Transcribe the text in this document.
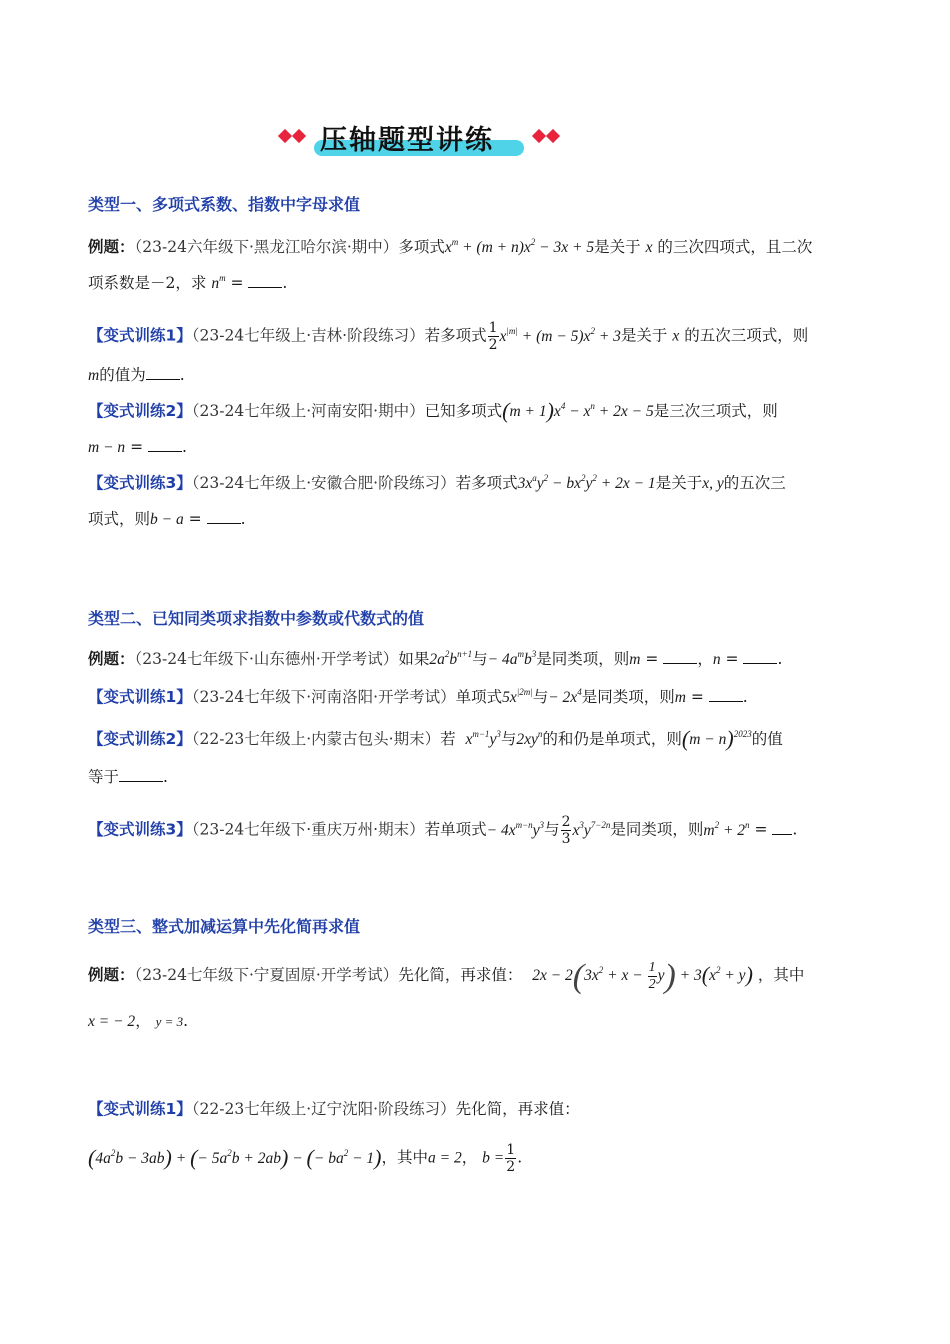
压轴题型讲练
类型一、多项式系数、指数中字母求值
例题：（23-24六年级下·黑龙江哈尔滨·期中）多项式$x^m + (m + n)x^2 - 3x + 5$是关于 x 的三次四项式，且二次
项系数是－2，求 $n^m$ = .
【变式训练1】（23-24七年级上·吉林·阶段练习）若多项式 $\frac{1}{2} x^{|m|} + (m - 5)x^2 + 3$是关于 x 的五次三项式，则
m的值为 .
【变式训练2】（23-24七年级上·河南安阳·期中）已知多项式$(m + 1)x^4 - x^n + 2x - 5$是三次三项式，则
m − n = .
【变式训练3】（23-24七年级上·安徽合肥·阶段练习）若多项式$3x^ay^2 - bx^2y^2 + 2x - 1$是关于x, y的五次三
项式，则b − a = .
类型二、已知同类项求指数中参数或代数式的值
例题：（23-24七年级下·山东德州·开学考试）如果$2a^2b^{n+1}$与− $4a^mb^3$是同类项，则m = ，n = .
【变式训练1】（23-24七年级下·河南洛阳·开学考试）单项式$5x^{|2m|}$与− $2x^4$是同类项，则m = .
【变式训练2】（22-23七年级上·内蒙古包头·期末）若 $x^{m-1}y^3$与$2xy^n$的和仍是单项式，则$(m - n)^{2023}$的值
等于	.
【变式训练3】（23-24七年级下·重庆万州·期末）若单项式− $4x^{m-n}y^3$与 $\frac{2}{3} x^3y^{7-2n}$是同类项，则$m^2 + 2^n$ = .
类型三、整式加减运算中先化简再求值
例题：（23-24七年级下·宁夏固原·开学考试）先化简，再求值： $2x - 2(3x^2 + x - \frac{1}{2} y) + 3(x^2 + y)$ ，其中
x = − 2， y = 3.
【变式训练1】（22-23七年级上·辽宁沈阳·阶段练习）先化简，再求值：
$(4a^2b - 3ab)$ + (− $5a^2b + 2ab$) − (− $ba^2 - 1$)，其中a = 2， $b = \frac{1}{2}$ .
